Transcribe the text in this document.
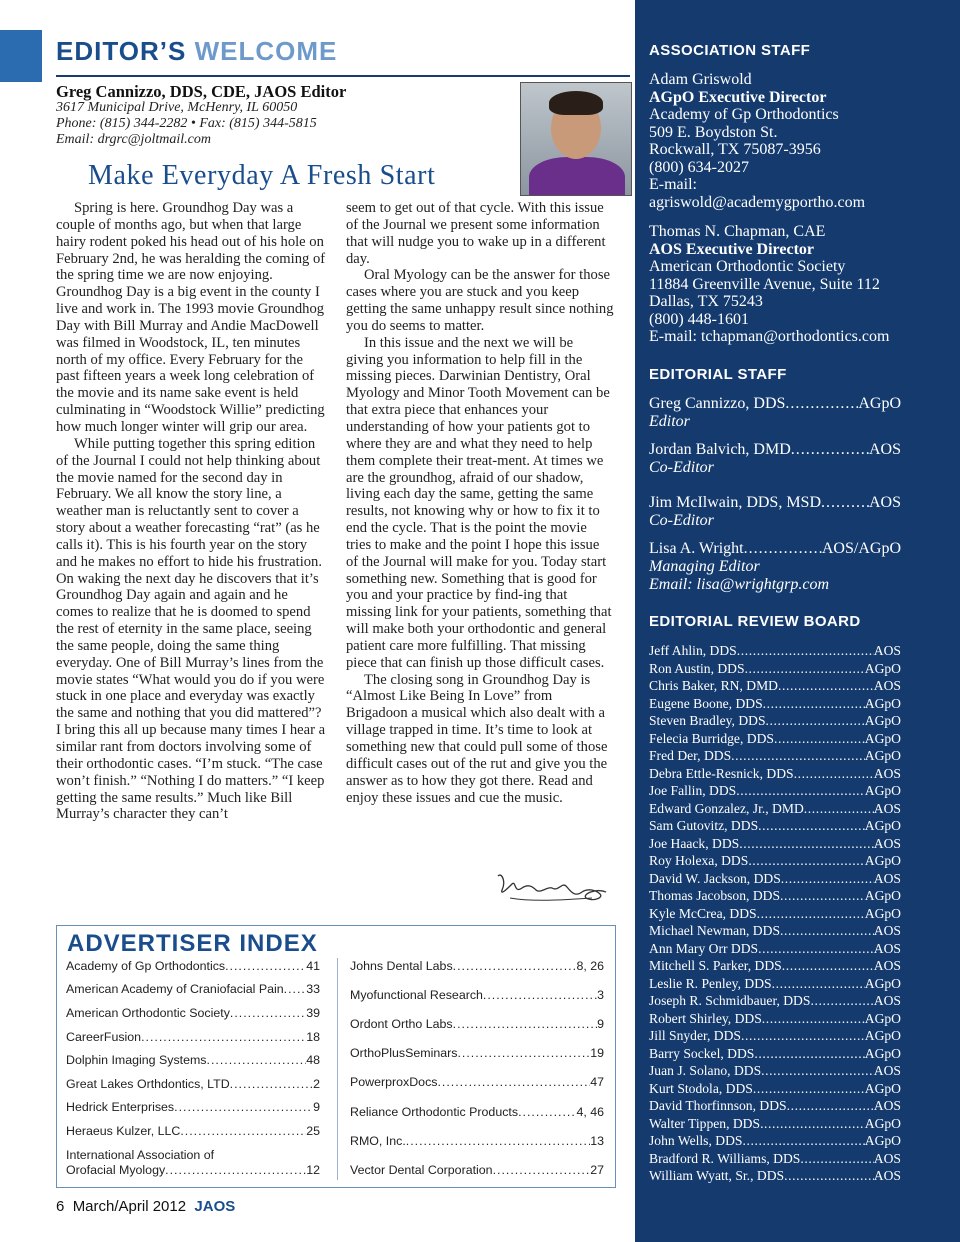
EDITOR’S WELCOME
Greg Cannizzo, DDS, CDE, JAOS Editor
3617 Municipal Drive, McHenry, IL 60050
Phone: (815) 344-2282 • Fax: (815) 344-5815
Email: drgrc@joltmail.com
Make Everyday A Fresh Start

Spring is here. Groundhog Day was a couple of months ago, but when that large hairy rodent poked his head out of his hole on February 2nd, he was heralding the coming of the spring time we are now enjoying. Groundhog Day is a big event in the county I live and work in. The 1993 movie Groundhog Day with Bill Murray and Andie MacDowell was filmed in Woodstock, IL, ten minutes north of my office. Every February for the past fifteen years a week long celebration of the movie and its name sake event is held culminating in “Woodstock Willie” predicting how much longer winter will grip our area.

While putting together this spring edition of the Journal I could not help thinking about the movie named for the second day in February. We all know the story line, a weather man is reluctantly sent to cover a story about a weather forecasting “rat” (as he calls it). This is his fourth year on the story and he makes no effort to hide his frustration. On waking the next day he discovers that it’s Groundhog Day again and again and he comes to realize that he is doomed to spend the rest of eternity in the same place, seeing the same people, doing the same thing everyday. One of Bill Murray’s lines from the movie states “What would you do if you were stuck in one place and everyday was exactly the same and nothing that you did mattered”? I bring this all up because many times I hear a similar rant from doctors involving some of their orthodontic cases. “I’m stuck. “The case won’t finish.” “Nothing I do matters.” “I keep getting the same results.” Much like Bill Murray’s character they can’t

seem to get out of that cycle. With this issue of the Journal we present some information that will nudge you to wake up in a different day.

Oral Myology can be the answer for those cases where you are stuck and you keep getting the same unhappy result since nothing you do seems to matter.

In this issue and the next we will be giving you information to help fill in the missing pieces. Darwinian Dentistry, Oral Myology and Minor Tooth Movement can be that extra piece that enhances your understanding of how your patients got to where they are and what they need to help them complete their treat-ment. At times we are the groundhog, afraid of our shadow, living each day the same, getting the same results, not knowing why or how to fix it to end the cycle. That is the point the movie tries to make and the point I hope this issue of the Journal will make for you. Today start something new. Something that is good for you and your practice by find-ing that missing link for your patients, something that will make both your orthodontic and general patient care more fulfilling. That missing piece that can finish up those difficult cases.

The closing song in Groundhog Day is “Almost Like Being In Love” from Brigadoon a musical which also dealt with a village trapped in time. It’s time to look at something new that could pull some of those difficult cases out of the rut and give you the answer as to how they got there. Read and enjoy these issues and cue the music.

ADVERTISER INDEX
Academy of Gp Orthodontics .....	41
American Academy of Craniofacial Pain ..... 33
American Orthodontic Society .....	39
CareerFusion .....	18
Dolphin Imaging Systems .....	48
Great Lakes Orthdontics, LTD .....	2
Hedrick Enterprises .....	9
Heraeus Kulzer, LLC .....	25
International Association of
Orofacial Myology .....	12
Johns Dental Labs .....	8, 26
Myofunctional Research .....	3
Ordont Ortho Labs .....	9
OrthoPlusSeminars .....	19
PowerproxDocs .....	47
Reliance Orthodontic Products .....	4, 46
RMO, Inc. .....	13
Vector Dental Corporation .....	27
6 March/April 2012 JAOS
ASSOCIATION STAFF
Adam Griswold
AGpO Executive Director
Academy of Gp Orthodontics
509 E. Boydston St.
Rockwall, TX 75087-3956
(800) 634-2027
E-mail:
agriswold@academygportho.com
Thomas N. Chapman, CAE
AOS Executive Director
American Orthodontic Society
11884 Greenville Avenue, Suite 112
Dallas, TX 75243
(800) 448-1601
E-mail: tchapman@orthodontics.com
EDITORIAL STAFF
Greg Cannizzo, DDS .....	AGpO
Editor
Jordan Balvich, DMD .....	AOS
Co-Editor
Jim McIlwain, DDS, MSD .....	AOS
Co-Editor
Lisa A. Wright .....	AOS/AGpO
Managing Editor
Email: lisa@wrightgrp.com
EDITORIAL REVIEW BOARD
Jeff Ahlin, DDS .....	AOS
Ron Austin, DDS .....	AGpO
Chris Baker, RN, DMD .....	AOS
Eugene Boone, DDS .....	AGpO
Steven Bradley, DDS .....	AGpO
Felecia Burridge, DDS .....	AGpO
Fred Der, DDS .....	AGpO
Debra Ettle-Resnick, DDS .....	AOS
Joe Fallin, DDS .....	AGpO
Edward Gonzalez, Jr., DMD .....	AOS
Sam Gutovitz, DDS .....	AGpO
Joe Haack, DDS .....	AOS
Roy Holexa, DDS .....	AGpO
David W. Jackson, DDS .....	AOS
Thomas Jacobson, DDS .....	AGpO
Kyle McCrea, DDS .....	AGpO
Michael Newman, DDS .....	AOS
Ann Mary Orr DDS .....	AOS
Mitchell S. Parker, DDS .....	AOS
Leslie R. Penley, DDS .....	AGpO
Joseph R. Schmidbauer, DDS .....	AOS
Robert Shirley, DDS .....	AGpO
Jill Snyder, DDS .....	AGpO
Barry Sockel, DDS .....	AGpO
Juan J. Solano, DDS .....	AOS
Kurt Stodola, DDS .....	AGpO
David Thorfinnson, DDS .....	AOS
Walter Tippen, DDS .....	AGpO
John Wells, DDS .....	AGpO
Bradford R. Williams, DDS .....	AOS
William Wyatt, Sr., DDS .....	AOS
